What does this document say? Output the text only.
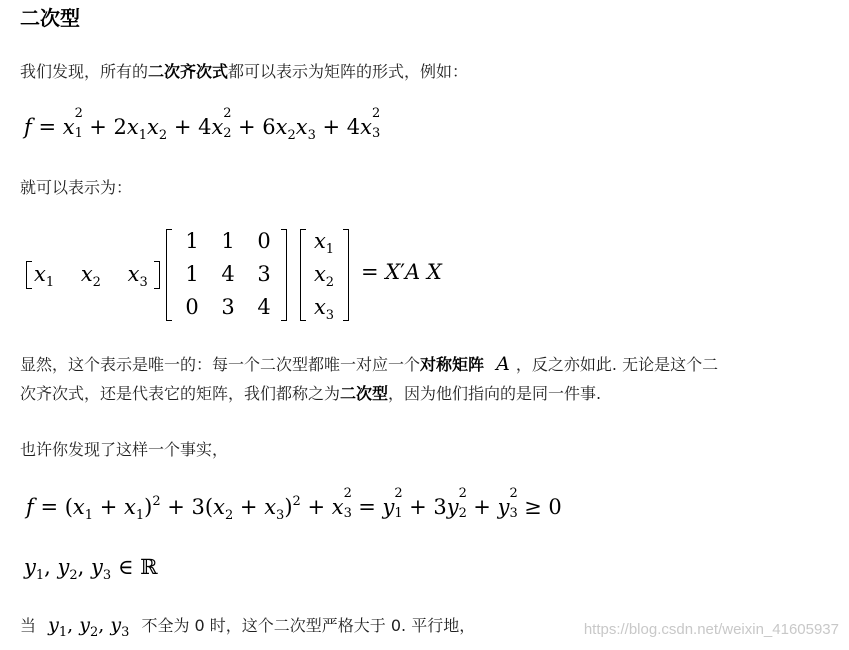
二次型
我们发现，所有的二次齐次式都可以表示为矩阵的形式，例如：
f = x
2
$1 + 2x_1x_2 + 4x$
2
$2 + 6x_2x_3 + 4x$
2
3
就可以表示为：
$x_1$ $x_2$ $x_3$
1	1	0
1	4	3
0	3	4
$x_1$
$x_2$
$x_3$
= X′A X
显然，这个表示是唯一的：每一个二次型都唯一对应一个对称矩阵 A ，反之亦如此. 无论是这个二
次齐次式，还是代表它的矩阵，我们都称之为二次型，因为他们指向的是同一件事.
也许你发现了这样一个事实，
$f = (x_1 + x_1)^2 + 3(x_2 + x_3)^2 + x$
2
3 = y
2
1 + 3y
2
2 + y
2
3 ≥ 0
$y_1$, $y_2$, $y_3$ ∈ ℝ
当 $y_1$, $y_2$, $y_3$ 不全为 0 时，这个二次型严格大于 0. 平行地，	https://blog.csdn.net/weixin_41605937
